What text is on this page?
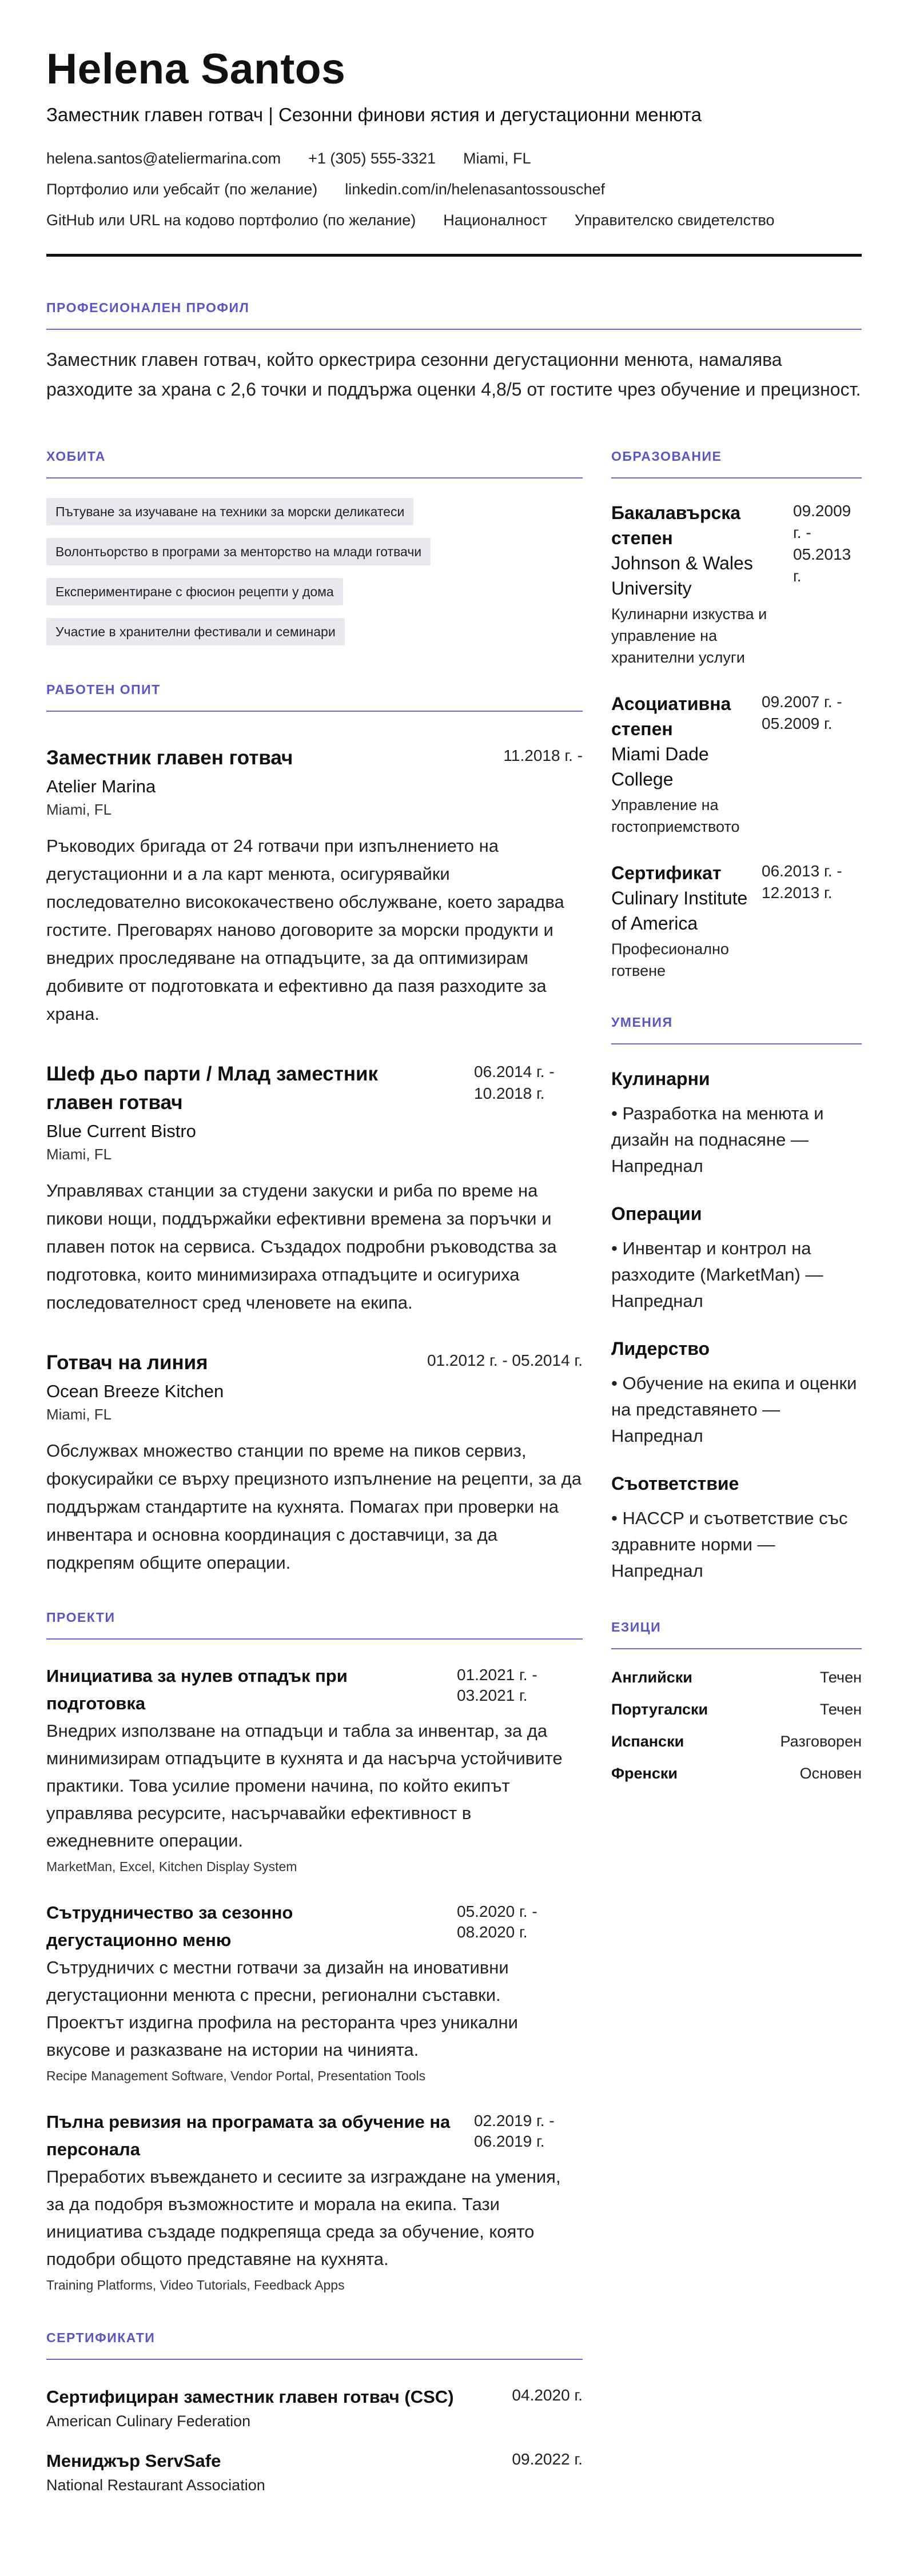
Helena Santos
Заместник главен готвач | Сезонни финови ястия и дегустационни менюта
helena.santos@ateliermarina.com +1 (305) 555-3321 Miami, FL
Портфолио или уебсайт (по желание) linkedin.com/in/helenasantossouschef
GitHub или URL на кодово портфолио (по желание) Националност Управителско свидетелство
ПРОФЕСИОНАЛЕН ПРОФИЛ

Заместник главен готвач, който оркестрира сезонни дегустационни менюта, намалява разходите за храна с 2,6 точки и поддържа оценки 4,8/5 от гостите чрез обучение и прецизност.

ХОБИТА
Пътуване за изучаване на техники за морски деликатеси
Волонтьорство в програми за менторство на млади готвачи
Експериментиране с фюсион рецепти у дома
Участие в хранителни фестивали и семинари
РАБОТЕН ОПИТ
Заместник главен готвач	11.2018 г. -
Atelier Marina
Miami, FL

Ръководих бригада от 24 готвачи при изпълнението на дегустационни и а ла карт менюта, осигурявайки последователно висококачествено обслужване, което зарадва гостите. Преговарях наново договорите за морски продукти и внедрих проследяване на отпадъците, за да оптимизирам добивите от подготовката и ефективно да пазя разходите за храна.

Шеф дьо парти / Млад заместник главен готвач
06.2014 г. - 10.2018 г.
Blue Current Bistro
Miami, FL

Управлявах станции за студени закуски и риба по време на пикови нощи, поддържайки ефективни времена за поръчки и плавен поток на сервиса. Създадох подробни ръководства за подготовка, които минимизираха отпадъците и осигуриха последователност сред членовете на екипа.

Готвач на линия	01.2012 г. - 05.2014 г.
Ocean Breeze Kitchen
Miami, FL

Обслужвах множество станции по време на пиков сервиз, фокусирайки се върху прецизното изпълнение на рецепти, за да поддържам стандартите на кухнята. Помагах при проверки на инвентара и основна координация с доставчици, за да подкрепям общите операции.

ПРОЕКТИ
Инициатива за нулев отпадък при подготовка
01.2021 г. - 03.2021 г.

Внедрих използване на отпадъци и табла за инвентар, за да минимизирам отпадъците в кухнята и да насърча устойчивите практики. Това усилие промени начина, по който екипът управлява ресурсите, насърчавайки ефективност в ежедневните операции.

MarketMan, Excel, Kitchen Display System
Сътрудничество за сезонно дегустационно меню
05.2020 г. - 08.2020 г.

Сътрудничих с местни готвачи за дизайн на иновативни дегустационни менюта с пресни, регионални съставки. Проектът издигна профила на ресторанта чрез уникални вкусове и разказване на истории на чинията.

Recipe Management Software, Vendor Portal, Presentation Tools
Пълна ревизия на програмата за обучение на персонала
02.2019 г. - 06.2019 г.

Преработих въвеждането и сесиите за изграждане на умения, за да подобря възможностите и морала на екипа. Тази инициатива създаде подкрепяща среда за обучение, която подобри общото представяне на кухнята.

Training Platforms, Video Tutorials, Feedback Apps
СЕРТИФИКАТИ
Сертифициран заместник главен готвач (CSC)
American Culinary Federation
04.2020 г.
Мениджър ServSafe
National Restaurant Association
09.2022 г.
ОБРАЗОВАНИЕ
Бакалавърска степен
Johnson & Wales University
Кулинарни изкуства и управление на хранителни услуги
09.2009 г. - 05.2013 г.
Асоциативна степен
Miami Dade College
Управление на гостоприемството
09.2007 г. - 05.2009 г.
Сертификат
Culinary Institute of America
Професионално готвене
06.2013 г. - 12.2013 г.
УМЕНИЯ
Кулинарни
• Разработка на менюта и дизайн на поднасяне — Напреднал
Операции
• Инвентар и контрол на разходите (MarketMan) — Напреднал
Лидерство
• Обучение на екипа и оценки на представянето — Напреднал
Съответствие
• HACCP и съответствие със здравните норми — Напреднал
ЕЗИЦИ
Английски	Течен
Португалски	Течен
Испански	Разговорен
Френски	Основен
